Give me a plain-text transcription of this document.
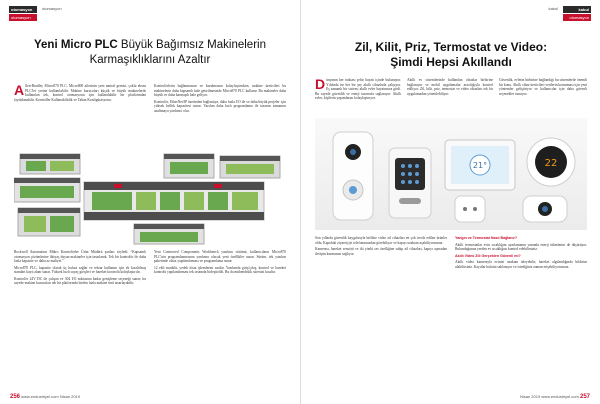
otomasyon
otomasyon
otomasyon
Yeni Micro PLC Büyük Bağımsız Makinelerin Karmaşıklıklarını Azaltır

Allen-Bradley Micro870 PLC, Micro800 ailesinin yeni amiral gemisi, çoklu eksen PLC'ler yerine kullanılabilir. Makine kurucuları küçük ve büyük makinelerde kullanılan tek, kontrol otomasyonu için kullanılabilir bir platformdan faydalanabilir. Kontroller Kullanabilirlik ve Taban Konfigürasyonu.

Kontrolörlerin bağlanmasını ve kurulmasını kolaylaştırırken, makine üreticileri bu makinelerin daha kapsamlı hale getirilmesinde Micro870 PLC kullanır. Bu makineler daha büyük ve daha karmaşık hale geliyor.

Kontrolör, EtherNet/IP üzerinden bağlantıya, daha fazla I/O ile ve daha büyük projeler için yüksek bellek kapasitesi sunar. Yazılım daha hızlı programlama ile tasarım zamanını azaltmaya yardımcı olur.

Rockwell Automation Mikro Kontrolörler Ürün Müdürü şunları söyledi: “Kapsamlı otomasyon çözümlerine ihtiyaç duyan makineler için tasarlandı. Tek bir kontrolör ile daha fazla kapasite ve daha az maliyet.”

Micro870 PLC, kapasite olarak üç hafıza sağlar ve tekrar kullanım için ek kısaltılmış standart kayıt alanı sunar. Yüksek hızlı sayaç girişleri ve hareket kontrolü kolaylaştırılır.

Kontrolör 24V DC ile çalışan ve 304 I/O noktasına kadar genişleme seçeneği sunar; bu sayede makine kurucuları tek bir platformda birden fazla makine türü tasarlayabilir.

Yeni Connected Components Workbench yazılımı sürümü, kullanıcıların Micro870 PLC'nin programlanmasına yardımcı olacak yeni özellikler sunar. Sürüm, tek yazılım paketinde cihaz yapılandırması ve programlama sunar.

12 ekli modülü, yedek itisat işlemlerini azaltır. Yazılımda giriş/çıkış, kontrol ve hareket kontrolü yapılandırması tek ortamda birleştirildi. Bu da mühendislik süresini kısaltır.

256 www.endustriyel.com Nisan 2019
kabul
otomasyon
kabul
Zil, Kilit, Priz, Termostat ve Video:
Şimdi Hepsi Akıllandı

Dünyanın her noktası şehir hayatı içinde bulunuyor. Yıldızda ise her bir şey akıllı cihazlarla çalışıyor. Eş zamanlı bir sistem; akıllı evler hayatımıza girdi. Bu sayede güvenlik ve enerji tasarrufu sağlanıyor. Akıllı evler, kişilerin yaşamlarını kolaylaştırıyor.

Akıllı ev sistemlerinde kullanılan cihazlar birbirine bağlanıyor ve mobil uygulamalar aracılığıyla kontrol ediliyor. Zil, kilit, priz, termostat ve video cihazları tek bir uygulamadan yönetilebiliyor.

Güvenlik, evlerin birbirine bağlandığı bu sistemlerde önemli bir konu. Akıllı cihaz üreticileri verilerin korunması için yeni yöntemler geliştiriyor ve kullanıcılar için daha güvenli seçenekler sunuyor.

21°	22

Son yıllarda güvenlik kaygılarıyla birlikte video zil cihazları en çok tercih edilen ürünler oldu. Kapıdaki ziyaretçiyi telefonunuzdan görebiliyor ve kapıyı uzaktan açabiliyorsunuz.

Kamerası, hareket sensörü ve iki yönlü ses özelliğine sahip zil cihazları, kapıyı açmadan iletişim kurmanızı sağlıyor.

Yangın ve Termostat Nasıl Bağlanır?

Akıllı termostatlar evin sıcaklığını ayarlamanın yanında enerji tüketimini de düşürüyor. Bulunduğunuz yerden ev sıcaklığını kontrol edebilirsiniz.

Akıllı Video Zili Gerçekten Güvenli mi?

Akıllı video kamerayla evinizi uzaktan izleyebilir, hareket algılandığında bildirim alabilirsiniz. Kayıtlar bulutta saklanıyor ve istediğiniz zaman erişebiliyorsunuz.

Nisan 2019 www.endustriyel.com 257
